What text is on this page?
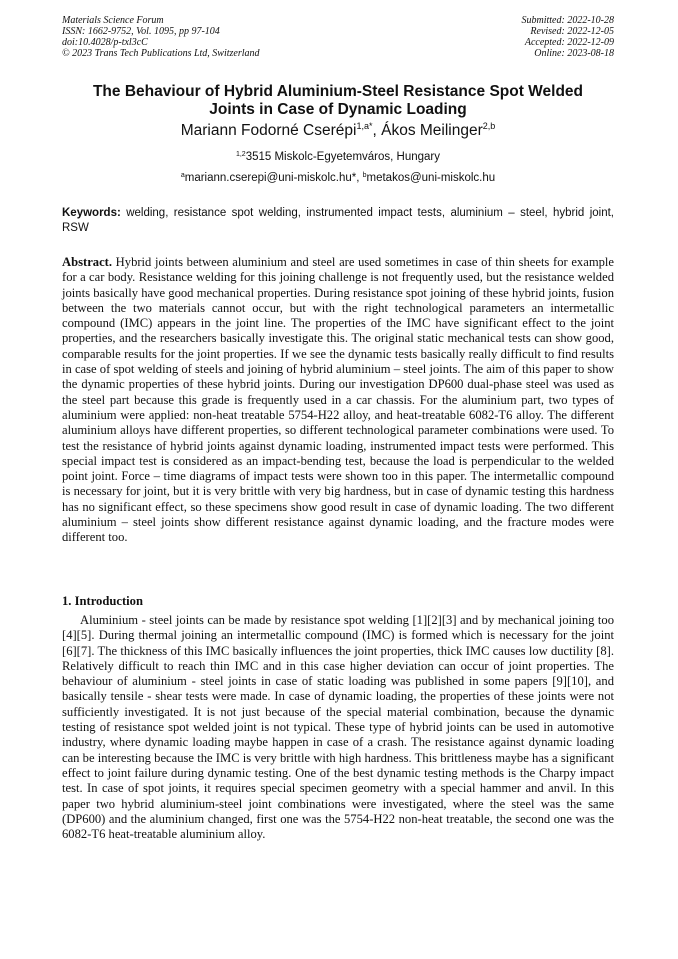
Materials Science Forum
ISSN: 1662-9752, Vol. 1095, pp 97-104
doi:10.4028/p-txl3cC
© 2023 Trans Tech Publications Ltd, Switzerland
Submitted: 2022-10-28
Revised: 2022-12-05
Accepted: 2022-12-09
Online: 2023-08-18
The Behaviour of Hybrid Aluminium-Steel Resistance Spot Welded
Joints in Case of Dynamic Loading
Mariann Fodorné Cserépi$^{1,a*}$, Ákos Meilinger$^{2,b}$
$^{1,2}$3515 Miskolc-Egyetemváros, Hungary
$^a$mariann.cserepi@uni-miskolc.hu*, $^b$metakos@uni-miskolc.hu
Keywords: welding, resistance spot welding, instrumented impact tests, aluminium – steel, hybrid joint, RSW
Abstract. Hybrid joints between aluminium and steel are used sometimes in case of thin sheets for example for a car body. Resistance welding for this joining challenge is not frequently used, but the resistance welded joints basically have good mechanical properties. During resistance spot joining of these hybrid joints, fusion between the two materials cannot occur, but with the right technological parameters an intermetallic compound (IMC) appears in the joint line. The properties of the IMC have significant effect to the joint properties, and the researchers basically investigate this. The original static mechanical tests can show good, comparable results for the joint properties. If we see the dynamic tests basically really difficult to find results in case of spot welding of steels and joining of hybrid aluminium – steel joints. The aim of this paper to show the dynamic properties of these hybrid joints. During our investigation DP600 dual-phase steel was used as the steel part because this grade is frequently used in a car chassis. For the aluminium part, two types of aluminium were applied: non-heat treatable 5754-H22 alloy, and heat-treatable 6082-T6 alloy. The different aluminium alloys have different properties, so different technological parameter combinations were used. To test the resistance of hybrid joints against dynamic loading, instrumented impact tests were performed. This special impact test is considered as an impact-bending test, because the load is perpendicular to the welded point joint. Force – time diagrams of impact tests were shown too in this paper. The intermetallic compound is necessary for joint, but it is very brittle with very big hardness, but in case of dynamic testing this hardness has no significant effect, so these specimens show good result in case of dynamic loading. The two different aluminium – steel joints show different resistance against dynamic loading, and the fracture modes were different too.
1. Introduction
Aluminium - steel joints can be made by resistance spot welding [1][2][3] and by mechanical joining too [4][5]. During thermal joining an intermetallic compound (IMC) is formed which is necessary for the joint [6][7]. The thickness of this IMC basically influences the joint properties, thick IMC causes low ductility [8]. Relatively difficult to reach thin IMC and in this case higher deviation can occur of joint properties. The behaviour of aluminium - steel joints in case of static loading was published in some papers [9][10], and basically tensile - shear tests were made. In case of dynamic loading, the properties of these joints were not sufficiently investigated. It is not just because of the special material combination, because the dynamic testing of resistance spot welded joint is not typical. These type of hybrid joints can be used in automotive industry, where dynamic loading maybe happen in case of a crash. The resistance against dynamic loading can be interesting because the IMC is very brittle with high hardness. This brittleness maybe has a significant effect to joint failure during dynamic testing. One of the best dynamic testing methods is the Charpy impact test. In case of spot joints, it requires special specimen geometry with a special hammer and anvil. In this paper two hybrid aluminium-steel joint combinations were investigated, where the steel was the same (DP600) and the aluminium changed, first one was the 5754-H22 non-heat treatable, the second one was the 6082-T6 heat-treatable aluminium alloy.
